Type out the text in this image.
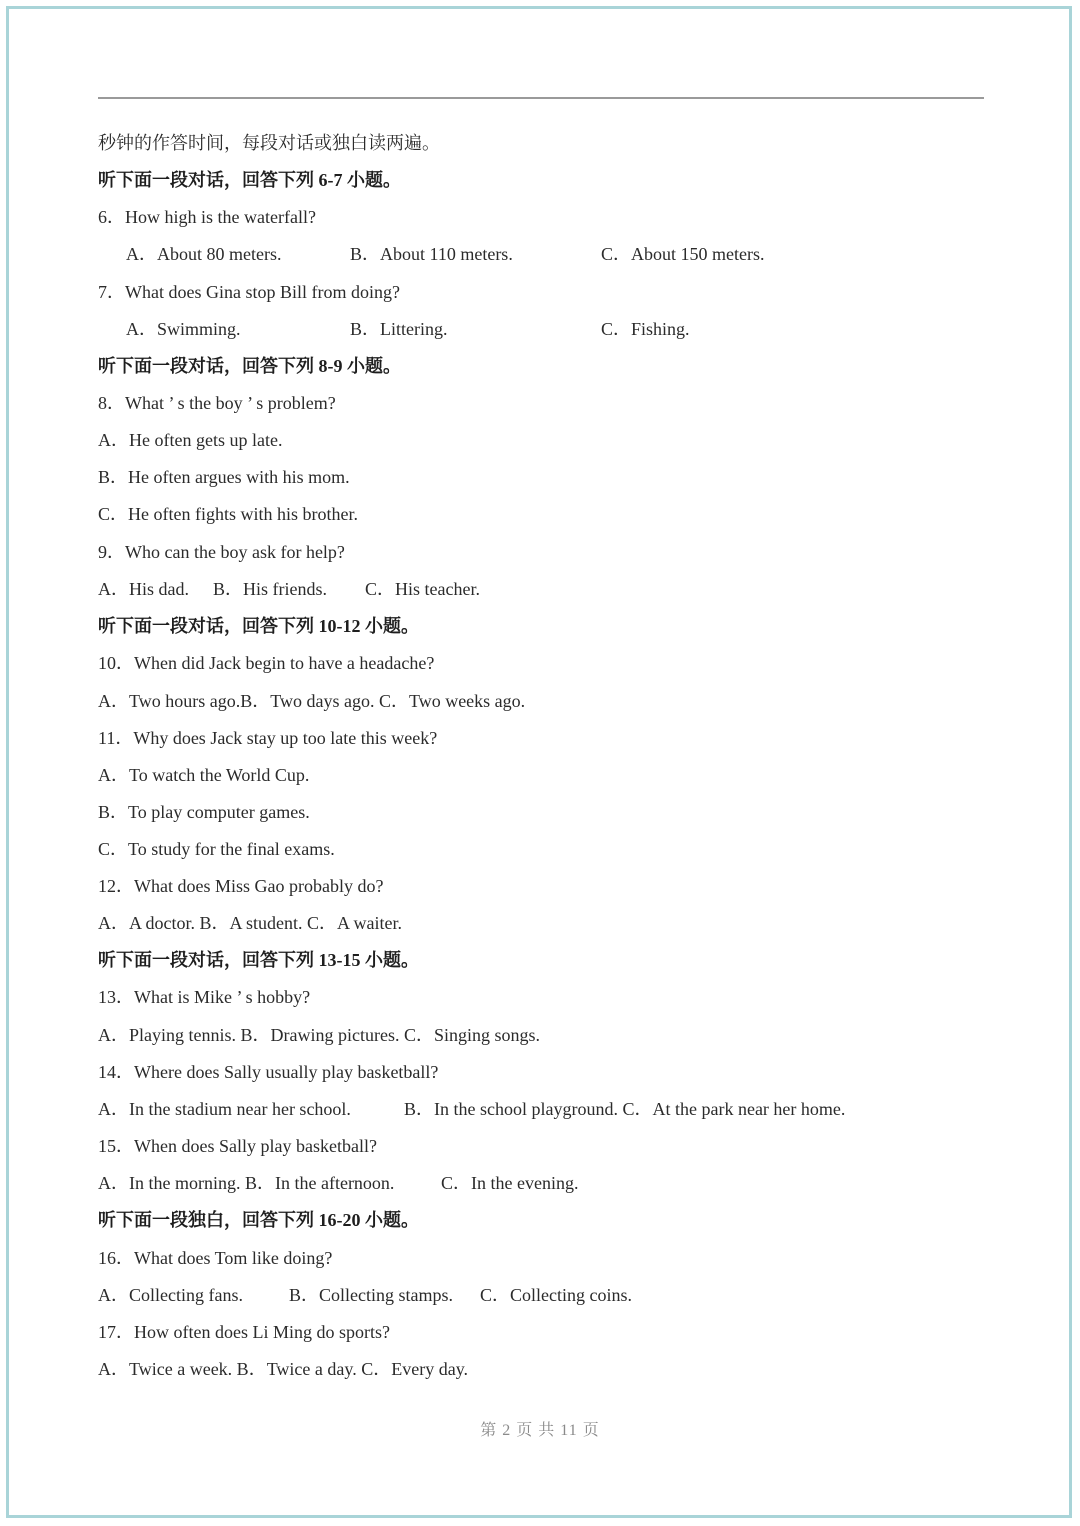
秒钟的作答时间，每段对话或独白读两遍。
听下面一段对话，回答下列 6-7 小题。
6．How high is the waterfall?
A．About 80 meters.	B．About 110 meters.	C．About 150 meters.
7．What does Gina stop Bill from doing?
A．Swimming.	B．Littering.	C．Fishing.
听下面一段对话，回答下列 8-9 小题。
8．What ’ s the boy ’ s problem?
A．He often gets up late.
B．He often argues with his mom.
C．He often fights with his brother.
9．Who can the boy ask for help?
A．His dad. B．His friends. C．His teacher.
听下面一段对话，回答下列 10-12 小题。
10．When did Jack begin to have a headache?
A．Two hours ago.B．Two days ago. C．Two weeks ago.
11．Why does Jack stay up too late this week?
A．To watch the World Cup.
B．To play computer games.
C．To study for the final exams.
12．What does Miss Gao probably do?
A．A doctor. B．A student. C．A waiter.
听下面一段对话，回答下列 13-15 小题。
13．What is Mike ’ s hobby?
A．Playing tennis. B．Drawing pictures. C．Singing songs.
14．Where does Sally usually play basketball?
A．In the stadium near her school.	B．In the school playground. C．At the park near her home.
15．When does Sally play basketball?
A．In the morning. B．In the afternoon.	C．In the evening.
听下面一段独白，回答下列 16-20 小题。
16．What does Tom like doing?
A．Collecting fans.	B．Collecting stamps. C．Collecting coins.
17．How often does Li Ming do sports?
A．Twice a week. B．Twice a day. C．Every day.
第 2 页 共 11 页
